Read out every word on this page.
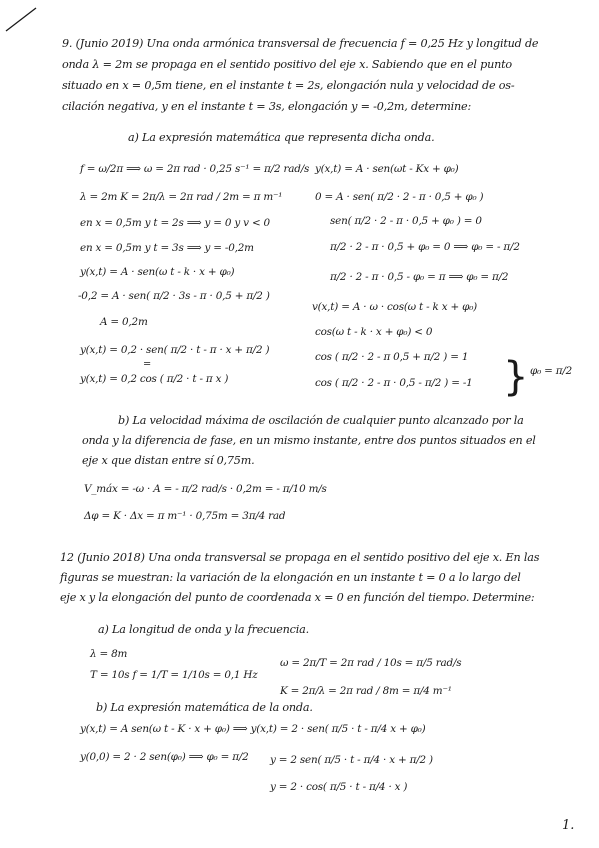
9. (Junio 2019) Una onda armónica transversal de frecuencia f = 0,25 Hz y longitud de
onda λ = 2m se propaga en el sentido positivo del eje x. Sabiendo que en el punto
situado en x = 0,5m tiene, en el instante t = 2s, elongación nula y velocidad de os-
cilación negativa, y en el instante t = 3s, elongación y = -0,2m, determine:
a) La expresión matemática que representa dicha onda.
f = ω/2π ⟹ ω = 2π rad · 0,25 s⁻¹ = π/2 rad/s
λ = 2m K = 2π/λ = 2π rad / 2m = π m⁻¹
en x = 0,5m y t = 2s ⟹ y = 0 y v < 0
en x = 0,5m y t = 3s ⟹ y = -0,2m
y(x,t) = A · sen(ω t - k · x + φ₀)
-0,2 = A · sen( π/2 · 3s - π · 0,5 + π/2 )
A = 0,2m
y(x,t) = 0,2 · sen( π/2 · t - π · x + π/2 )
=
y(x,t) = 0,2 cos ( π/2 · t - π x )
y(x,t) = A · sen(ωt - Kx + φ₀)
0 = A · sen( π/2 · 2 - π · 0,5 + φ₀ )
sen( π/2 · 2 - π · 0,5 + φ₀ ) = 0
π/2 · 2 - π · 0,5 + φ₀ = 0 ⟹ φ₀ = - π/2
π/2 · 2 - π · 0,5 - φ₀ = π ⟹ φ₀ = π/2
v(x,t) = A · ω · cos(ω t - k x + φ₀)
cos(ω t - k · x + φ₀) < 0
cos ( π/2 · 2 - π 0,5 + π/2 ) = 1
cos ( π/2 · 2 - π · 0,5 - π/2 ) = -1 } φ₀ = π/2
b) La velocidad máxima de oscilación de cualquier punto alcanzado por la
onda y la diferencia de fase, en un mismo instante, entre dos puntos situados en el
eje x que distan entre sí 0,75m.
V_máx = -ω · A = - π/2 rad/s · 0,2m = - π/10 m/s
Δφ = K · Δx = π m⁻¹ · 0,75m = 3π/4 rad
12 (Junio 2018) Una onda transversal se propaga en el sentido positivo del eje x. En las
figuras se muestran: la variación de la elongación en un instante t = 0 a lo largo del
eje x y la elongación del punto de coordenada x = 0 en función del tiempo. Determine:
a) La longitud de onda y la frecuencia.
λ = 8m
T = 10s f = 1/T = 1/10s = 0,1 Hz
ω = 2π/T = 2π rad / 10s = π/5 rad/s
K = 2π/λ = 2π rad / 8m = π/4 m⁻¹
b) La expresión matemática de la onda.
y(x,t) = A sen(ω t - K · x + φ₀) ⟹ y(x,t) = 2 · sen( π/5 · t - π/4 x + φ₀)
y(0,0) = 2 · 2 sen(φ₀) ⟹ φ₀ = π/2 y = 2 sen( π/5 · t - π/4 · x + π/2 )
y = 2 · cos( π/5 · t - π/4 · x )
1.
